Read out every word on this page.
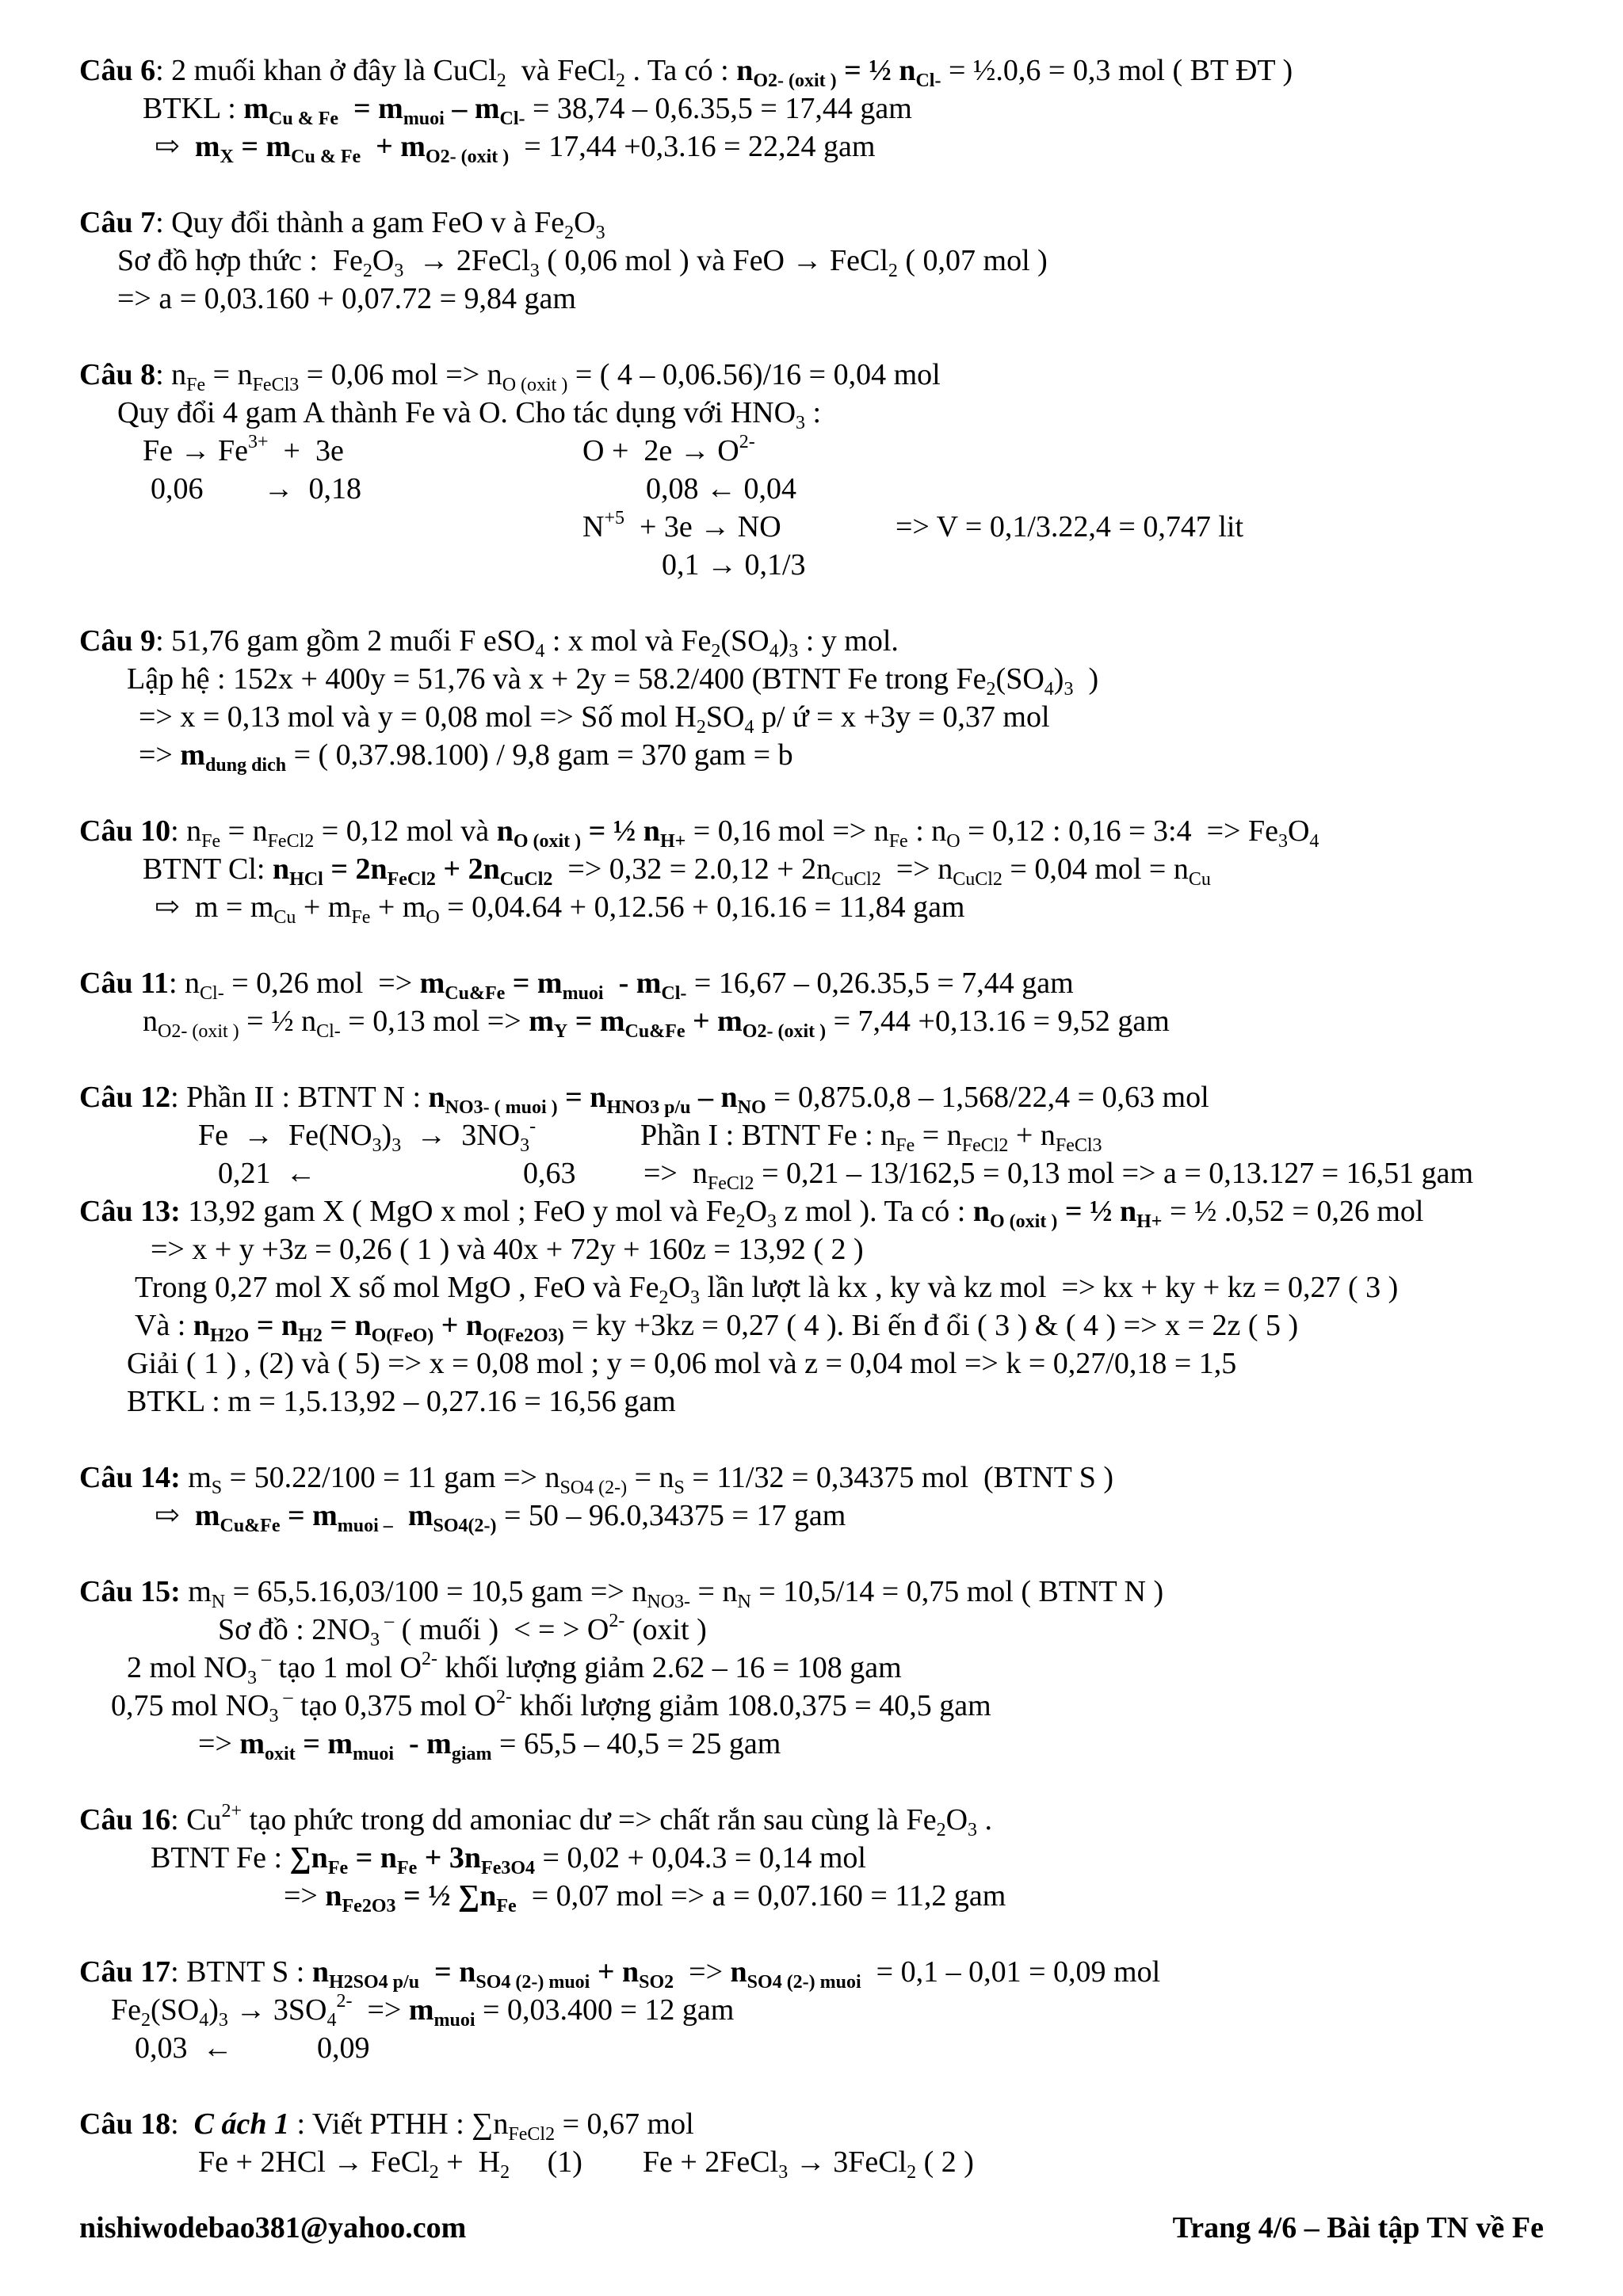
Câu 6: 2 muối khan ở đây là CuCl$_2$  và FeCl$_2$ . Ta có : $n_{O2- (oxit )}$ = ½ $n_{Cl-}$ = ½.0,6 = 0,3 mol ( BT ĐT )
BTKL : $m_{Cu \& Fe} = m_{muoi} - m_{Cl-} = 38,74 - 0,6.35,5 = 17,44$ gam
⇨  $m_X = m_{Cu \& Fe} + m_{O2- (oxit )} = 17,44 +0,3.16 = 22,24$ gam
Câu 7: Quy đổi thành a gam FeO v à $Fe_2O_3$
Sơ đồ hợp thức :  $Fe_2O_3$  → 2FeCl$_3$ ( 0,06 mol ) và FeO → FeCl$_2$ ( 0,07 mol )
=> a = 0,03.160 + 0,07.72 = 9,84 gam
Câu 8: $n_{Fe} = n_{FeCl3} = 0,06$ mol => $n_{O (oxit )}$ = ( 4 – 0,06.56)/16 = 0,04 mol
Quy đổi 4 gam A thành Fe và O. Cho tác dụng với $HNO_3$ :
$Fe \to Fe^{3+} + 3e$	$O + 2e \to O^{2-}$
0,06        →  0,18	0,08 ← 0,04
$N^{+5} + 3e$ → NO	=> V = 0,1/3.22,4 = 0,747 lit
0,1 → 0,1/3
Câu 9: 51,76 gam gồm 2 muối F eSO$_4$ : x mol và $Fe_2(SO_4)_3$ : y mol.
Lập hệ : 152x + 400y = 51,76 và x + 2y = 58.2/400 (BTNT Fe trong $Fe_2(SO_4)_3$  )
=> x = 0,13 mol và y = 0,08 mol => Số mol $H_2SO_4$ p/ ứ = x +3y = 0,37 mol
=> $m_{dung dich}$ = ( 0,37.98.100) / 9,8 gam = 370 gam = b
Câu 10: $n_{Fe} = n_{FeCl2} = 0,12$ mol và $n_{O (oxit )}$ = ½ $n_{H+} = 0,16$ mol => $n_{Fe}$ : $n_O = 0,12$ : 0,16 = 3:4  => $Fe_3O_4$
BTNT Cl: $n_{HCl} = 2n_{FeCl2} + 2n_{CuCl2} => 0,32 = 2.0,12 + 2n_{CuCl2} => n_{CuCl2} = 0,04$ mol = $n_{Cu}$
⇨  $m = m_{Cu} + m_{Fe} + m_O = 0,04.64 + 0,12.56 + 0,16.16 = 11,84$ gam
Câu 11: $n_{Cl-} = 0,26$ mol  => $m_{Cu\&Fe} = m_{muoi} - m_{Cl-} = 16,67 - 0,26.35,5 = 7,44$ gam
$n_{O2- (oxit )}$ = ½ $n_{Cl-} = 0,13$ mol => $m_Y = m_{Cu\&Fe} + m_{O2- (oxit )} = 7,44 +0,13.16 = 9,52$ gam
Câu 12: Phần II : BTNT N : $n_{NO3- ( muoi )} = n_{HNO3 p/u} - n_{NO} = 0,875.0,8 - 1,568/22,4 = 0,63$ mol
$Fe \to Fe(NO_3)_3 \to 3NO_3^-$	Phần I : BTNT Fe : $n_{Fe} = n_{FeCl2} + n_{FeCl3}$
0,21  ←	0,63         =>  $n_{FeCl2} = 0,21 - 13/162,5 = 0,13$ mol => a = 0,13.127 = 16,51 gam
Câu 13: 13,92 gam X ( MgO x mol ; FeO y mol và $Fe_2O_3$ z mol ). Ta có : $n_{O (oxit )}$ = ½ $n_{H+}$ = ½ .0,52 = 0,26 mol
=> x + y +3z = 0,26 ( 1 ) và 40x + 72y + 160z = 13,92 ( 2 )
Trong 0,27 mol X số mol MgO , FeO và $Fe_2O_3$ lần lượt là kx , ky và kz mol  => kx + ky + kz = 0,27 ( 3 )
Và : $n_{H2O} = n_{H2} = n_{O(FeO)} + n_{O(Fe2O3)}$ = ky +3kz = 0,27 ( 4 ). Bi ến đ ổi ( 3 ) & ( 4 ) => x = 2z ( 5 )
Giải ( 1 ) , (2) và ( 5) => x = 0,08 mol ; y = 0,06 mol và z = 0,04 mol => k = 0,27/0,18 = 1,5
BTKL : m = 1,5.13,92 – 0,27.16 = 16,56 gam
Câu 14: $m_S = 50.22/100 = 11$ gam => $n_{SO4 (2-)} = n_S = 11/32 = 0,34375$ mol  (BTNT S )
⇨  $m_{Cu\&Fe} = m_{muoi -}$  $m_{SO4(2-)} = 50 - 96.0,34375 = 17$ gam
Câu 15: $m_N = 65,5.16,03/100 = 10,5$ gam => $n_{NO3-} = n_N = 10,5/14 = 0,75$ mol ( BTNT N )
Sơ đồ : $2NO_3$ – ( muối )  < = > $O^{2-}$ (oxit )
2 mol $NO_3$ – tạo 1 mol $O^{2-}$ khối lượng giảm 2.62 – 16 = 108 gam
0,75 mol $NO_3$ – tạo 0,375 mol $O^{2-}$ khối lượng giảm 108.0,375 = 40,5 gam
=> $m_{oxit} = m_{muoi} - m_{giam} = 65,5 - 40,5 = 25$ gam
Câu 16: $Cu^{2+}$ tạo phức trong dd amoniac dư => chất rắn sau cùng là $Fe_2O_3$ .
BTNT Fe : $\sum n_{Fe} = n_{Fe} + 3n_{Fe3O4} = 0,02 + 0,04.3 = 0,14$ mol
=> $n_{Fe2O3}$ = ½ $\sum n_{Fe} = 0,07$ mol => a = 0,07.160 = 11,2 gam
Câu 17: BTNT S : $n_{H2SO4 p/u} = n_{SO4 (2-) muoi} + n_{SO2} => n_{SO4 (2-) muoi} = 0,1 - 0,01 = 0,09$ mol
$Fe_2(SO_4)_3 \to 3SO_4^{2-} => m_{muoi} = 0,03.400 = 12$ gam
0,03  ←	0,09
Câu 18:  C ách 1 : Viết PTHH : $\sum n_{FeCl2} = 0,67$ mol
Fe + 2HCl → FeCl$_2$ +  $H_2$     (1)        Fe + 2FeCl$_3$ → 3FeCl$_2$ ( 2 )
nishiwodebao381@yahoo.com	Trang 4/6 – Bài tập TN về Fe
